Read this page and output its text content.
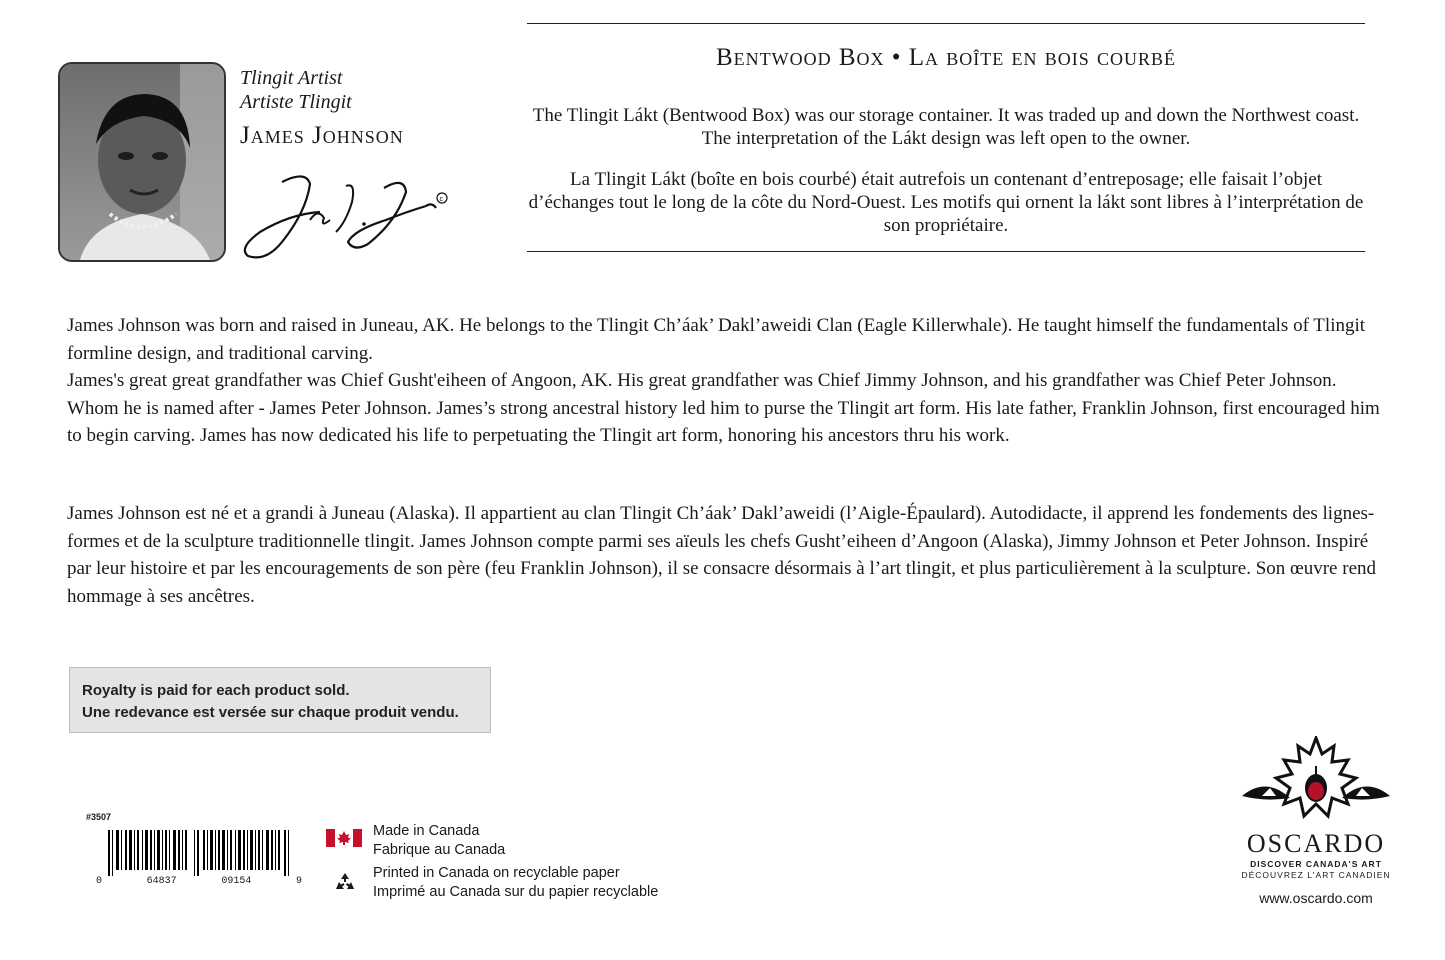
Tlingit Artist
Artiste Tlingit
James Johnson
c
Bentwood Box • La boîte en bois courbé
The Tlingit Lákt (Bentwood Box) was our storage container. It was traded up and down the Northwest coast. The interpretation of the Lákt design was left open to the owner.
La Tlingit Lákt (boîte en bois courbé) était autrefois un contenant d’entreposage; elle faisait l’objet d’échanges tout le long de la côte du Nord-Ouest. Les motifs qui ornent la lákt sont libres à l’interprétation de son propriétaire.

James Johnson was born and raised in Juneau, AK. He belongs to the Tlingit Ch’áak’ Dakl’aweidi Clan (Eagle Killerwhale). He taught himself the fundamentals of Tlingit formline design, and traditional carving.

James's great great grandfather was Chief Gusht'eiheen of Angoon, AK. His great grandfather was Chief Jimmy Johnson, and his grandfather was Chief Peter Johnson. Whom he is named after - James Peter Johnson. James’s strong ancestral history led him to purse the Tlingit art form. His late father, Franklin Johnson, first encouraged him to begin carving. James has now dedicated his life to perpetuating the Tlingit art form, honoring his ancestors thru his work.

James Johnson est né et a grandi à Juneau (Alaska). Il appartient au clan Tlingit Ch’áak’ Dakl’aweidi (l’Aigle-Épaulard). Autodidacte, il apprend les fondements des lignes-formes et de la sculpture traditionnelle tlingit. James Johnson compte parmi ses aïeuls les chefs Gusht’eiheen d’Angoon (Alaska), Jimmy Johnson et Peter Johnson. Inspiré par leur histoire et par les encouragements de son père (feu Franklin Johnson), il se consacre désormais à l’art tlingit, et plus particulièrement à la sculpture. Son œuvre rend hommage à ses ancêtres.

Royalty is paid for each product sold.
Une redevance est versée sur chaque produit vendu.
#3507
0	64837	09154	9
Made in Canada
Fabrique au Canada
Printed in Canada on recyclable paper
Imprimé au Canada sur du papier recyclable
OSCARDO
DISCOVER CANADA'S ART
DÉCOUVREZ L'ART CANADIEN
www.oscardo.com
